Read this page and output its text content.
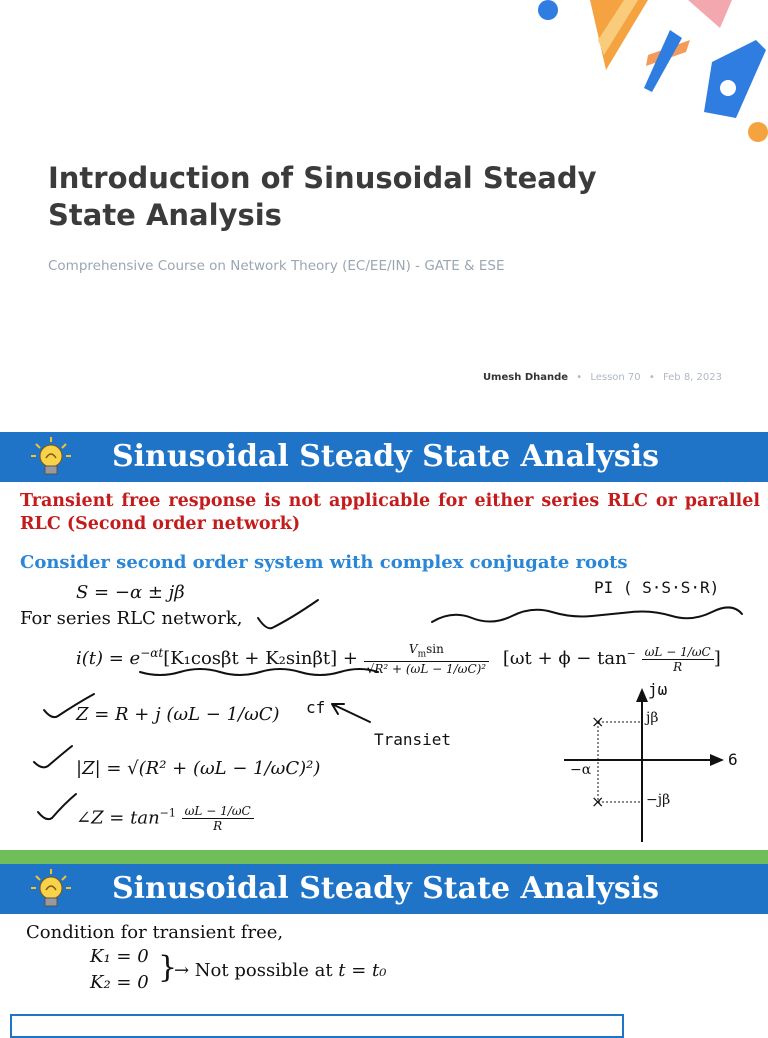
Introduction of Sinusoidal Steady State Analysis
Comprehensive Course on Network Theory (EC/EE/IN) - GATE & ESE
Umesh Dhande • Lesson 70 • Feb 8, 2023
Sinusoidal Steady State Analysis
Transient free response is not applicable for either series RLC or parallel RLC (Second order network)
Consider second order system with complex conjugate roots
S = −α ± jβ
For series RLC network,
$i(t) = e^{-\alpha t}[K_1\cos\beta t + K_2\sin\beta t] + \frac{V_m\sin}{\text{√R² + (ωL − 1/ωC)²}} [\omega t + \phi - \tan^- \frac{\omega L - 1/\omega C}{R}$ ]
Z = R + j (ωL − 1/ωC)
|Z| = √(R² + (ωL − 1/ωC)²)
∠Z = $\tan^{-1} \frac{\omega L - 1/\omega C}{R}$
PI ( S·S·S·R)
cf
Transiet
jω
6
jβ
−jβ
−α
×
×
Sinusoidal Steady State Analysis
Condition for transient free,
K₁ = 0
K₂ = 0 }
→ Not possible at t = t₀
